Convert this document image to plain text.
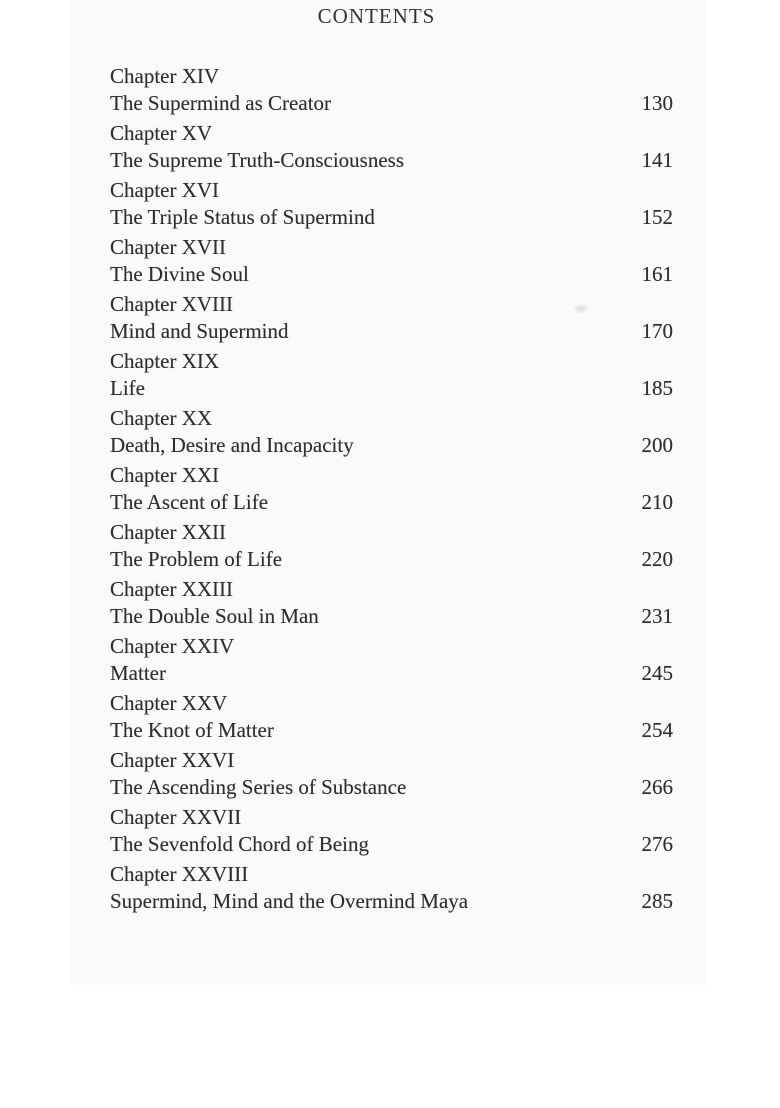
CONTENTS
Chapter XIV
The Supermind as Creator	130
Chapter XV
The Supreme Truth-Consciousness	141
Chapter XVI
The Triple Status of Supermind	152
Chapter XVII
The Divine Soul	161
Chapter XVIII
Mind and Supermind	170
Chapter XIX
Life	185
Chapter XX
Death, Desire and Incapacity	200
Chapter XXI
The Ascent of Life	210
Chapter XXII
The Problem of Life	220
Chapter XXIII
The Double Soul in Man	231
Chapter XXIV
Matter	245
Chapter XXV
The Knot of Matter	254
Chapter XXVI
The Ascending Series of Substance	266
Chapter XXVII
The Sevenfold Chord of Being	276
Chapter XXVIII
Supermind, Mind and the Overmind Maya	285
